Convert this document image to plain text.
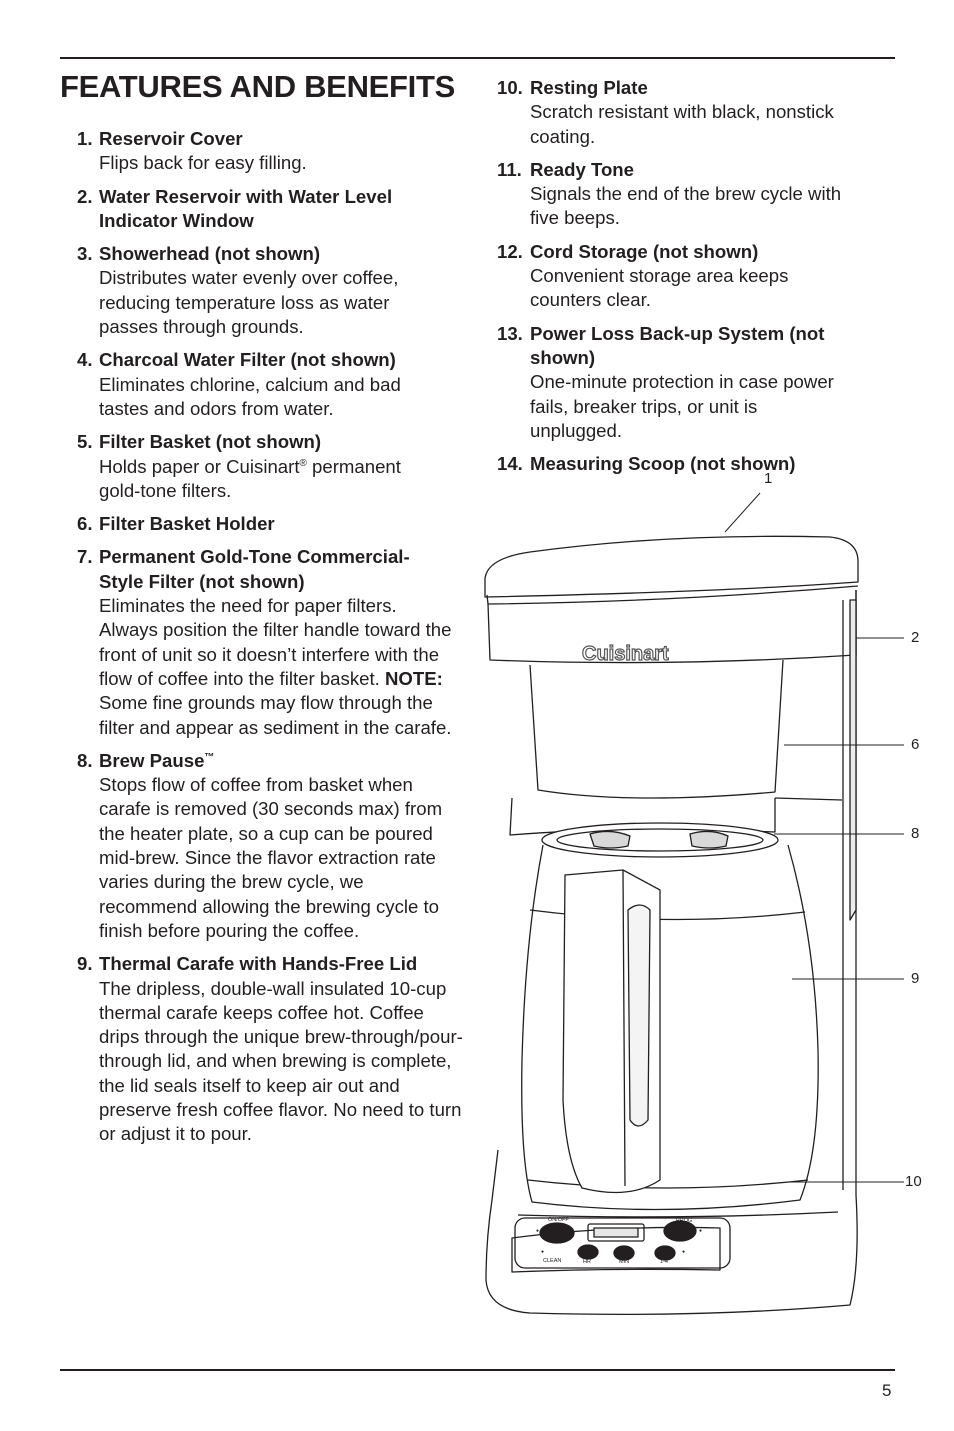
FEATURES AND BENEFITS
1. Reservoir Cover
Flips back for easy filling.
2. Water Reservoir with Water Level Indicator Window
3. Showerhead (not shown)
Distributes water evenly over coffee, reducing temperature loss as water passes through grounds.
4. Charcoal Water Filter (not shown)
Eliminates chlorine, calcium and bad tastes and odors from water.
5. Filter Basket (not shown)
Holds paper or Cuisinart® permanent gold-tone filters.
6. Filter Basket Holder
7. Permanent Gold-Tone Commercial-Style Filter (not shown)
Eliminates the need for paper filters. Always position the filter handle toward the front of unit so it doesn’t interfere with the flow of coffee into the filter basket. NOTE: Some fine grounds may flow through the filter and appear as sediment in the carafe.
8. Brew Pause™
Stops flow of coffee from basket when carafe is removed (30 seconds max) from the heater plate, so a cup can be poured mid-brew. Since the flavor extraction rate varies during the brew cycle, we recommend allowing the brewing cycle to finish before pouring the coffee.
9. Thermal Carafe with Hands-Free Lid
The dripless, double-wall insulated 10-cup thermal carafe keeps coffee hot. Coffee drips through the unique brew-through/pour-through lid, and when brewing is complete, the lid seals itself to keep air out and preserve fresh coffee flavor. No need to turn or adjust it to pour.
10. Resting Plate
Scratch resistant with black, nonstick coating.
11. Ready Tone
Signals the end of the brew cycle with five beeps.
12. Cord Storage (not shown)
Convenient storage area keeps counters clear.
13. Power Loss Back-up System (not shown)
One-minute protection in case power fails, breaker trips, or unit is unplugged.
14. Measuring Scoop (not shown)
Cuisinart
ON/OFF	PROG
CLEAN	HR	MIN	1-4
●	●
●	●
1
2
6
8
9
10
5
